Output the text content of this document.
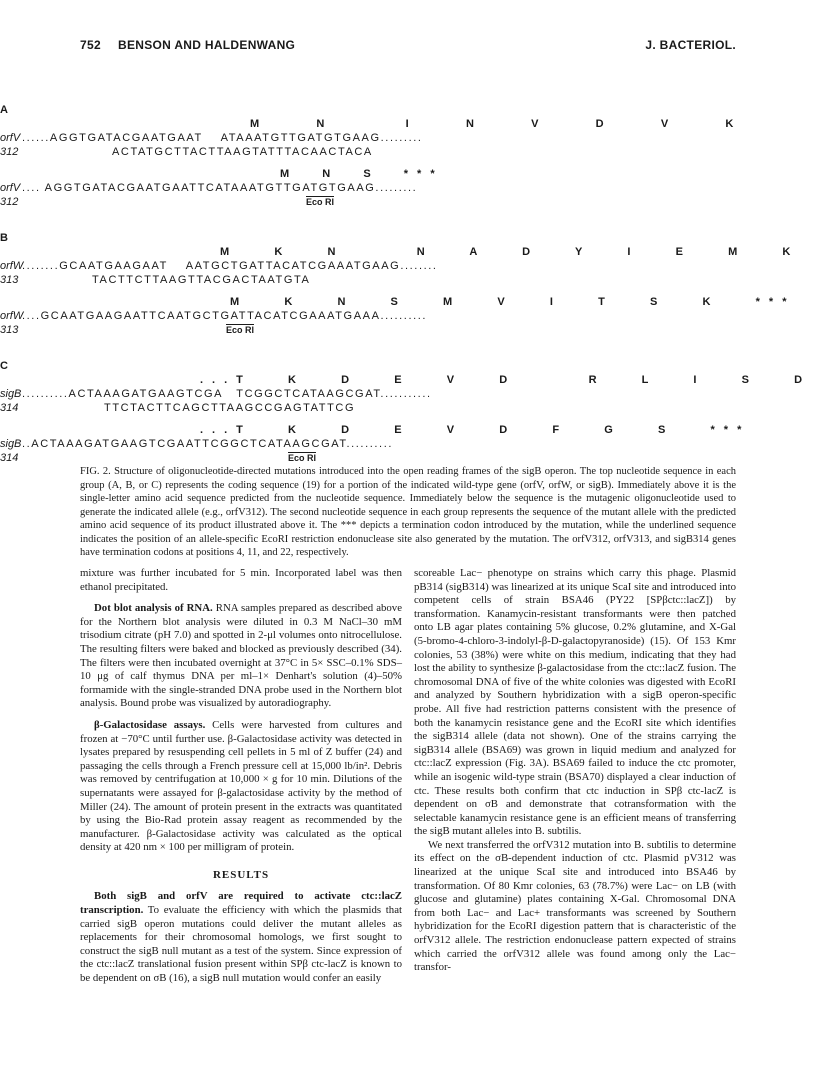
752 BENSON AND HALDENWANG	J. BACTERIOL.
A
M    N      I    N    V    D    V    K
orfV ......AGGTGATACGAATGAAT    ATAAATGTTGATGTGAAG.........
312	ACTATGCTTACTTAAGTATTTACAACTACA
M  N  S  ***
orfV .... AGGTGATACGAATGAATTCATAAATGTTGATGTGAAG.........
312	Eco RI
B
M   K   N      N   A   D   Y   I   E   M   K
orfW
........GCAATGAAGAAT    AATGCTGATTACATCGAAATGAAG........
313	TACTTCTTAAGTTACGACTAATGTA
M   K   N   S   M   V   I   T   S   K   ***
orfW
....GCAATGAAGAATTCAATGCTGATTACATCGAAATGAAA..........
313	Eco RI
C
...T   K   D   E   V   D      R   L   I   S   D
sigB ..........ACTAAAGATGAAGTCGA   TCGGCTCATAAGCGAT...........
314	TTCTACTTCAGCTTAAGCCGAGTATTCG
...T   K   D   E   V   D   F   G   S   ***
sigB ..ACTAAAGATGAAGTCGAATTCGGCTCATAAGCGAT..........
314	Eco RI
FIG. 2. Structure of oligonucleotide-directed mutations introduced into the open reading frames of the sigB operon. The top nucleotide sequence in each group (A, B, or C) represents the coding sequence (19) for a portion of the indicated wild-type gene (orfV, orfW, or sigB). Immediately above it is the single-letter amino acid sequence predicted from the nucleotide sequence. Immediately below the sequence is the mutagenic oligonucleotide used to generate the indicated allele (e.g., orfV312). The second nucleotide sequence in each group represents the sequence of the mutant allele with the predicted amino acid sequence of its product illustrated above it. The *** depicts a termination codon introduced by the mutation, while the underlined sequence indicates the position of an allele-specific EcoRI restriction endonuclease site also generated by the mutation. The orfV312, orfV313, and sigB314 genes have termination codons at positions 4, 11, and 22, respectively.

mixture was further incubated for 5 min. Incorporated label was then ethanol precipitated.

Dot blot analysis of RNA. RNA samples prepared as described above for the Northern blot analysis were diluted in 0.3 M NaCl–30 mM trisodium citrate (pH 7.0) and spotted in 2-μl volumes onto nitrocellulose. The resulting filters were baked and blocked as previously described (34). The filters were then incubated overnight at 37°C in 5× SSC–0.1% SDS–10 μg of calf thymus DNA per ml–1× Denhart's solution (4)–50% formamide with the single-stranded DNA probe used in the Northern blot analysis. Bound probe was visualized by autoradiography.

β-Galactosidase assays. Cells were harvested from cultures and frozen at −70°C until further use. β-Galactosidase activity was detected in lysates prepared by resuspending cell pellets in 5 ml of Z buffer (24) and passaging the cells through a French pressure cell at 15,000 lb/in². Debris was removed by centrifugation at 10,000 × g for 10 min. Dilutions of the supernatants were assayed for β-galactosidase activity by the method of Miller (24). The amount of protein present in the extracts was quantitated by using the Bio-Rad protein assay reagent as recommended by the manufacturer. β-Galactosidase activity was calculated as the optical density at 420 nm × 100 per milligram of protein.

RESULTS

Both sigB and orfV are required to activate ctc::lacZ transcription. To evaluate the efficiency with which the plasmids that carried sigB operon mutations could deliver the mutant alleles as replacements for their chromosomal homologs, we first sought to construct the sigB null mutant as a test of the system. Since expression of the ctc::lacZ translational fusion present within SPβ ctc-lacZ is known to be dependent on σB (16), a sigB null mutation would confer an easily

scoreable Lac− phenotype on strains which carry this phage. Plasmid pB314 (sigB314) was linearized at its unique ScaI site and introduced into competent cells of strain BSA46 (PY22 [SPβctc::lacZ]) by transformation. Kanamycin-resistant transformants were then patched onto LB agar plates containing 5% glucose, 0.2% glutamine, and X-Gal (5-bromo-4-chloro-3-indolyl-β-D-galactopyranoside) (15). Of 153 Kmr colonies, 53 (38%) were white on this medium, indicating that they had lost the ability to synthesize β-galactosidase from the ctc::lacZ fusion. The chromosomal DNA of five of the white colonies was digested with EcoRI and analyzed by Southern hybridization with a sigB operon-specific probe. All five had restriction patterns consistent with the presence of both the kanamycin resistance gene and the EcoRI site which identifies the sigB314 allele (data not shown). One of the strains carrying the sigB314 allele (BSA69) was grown in liquid medium and analyzed for ctc::lacZ expression (Fig. 3A). BSA69 failed to induce the ctc promoter, while an isogenic wild-type strain (BSA70) displayed a clear induction of ctc. These results both confirm that ctc induction in SPβ ctc-lacZ is dependent on σB and demonstrate that cotransformation with the selectable kanamycin resistance gene is an efficient means of transferring the sigB mutant alleles into B. subtilis.

We next transferred the orfV312 mutation into B. subtilis to determine its effect on the σB-dependent induction of ctc. Plasmid pV312 was linearized at the unique ScaI site and introduced into BSA46 by transformation. Of 80 Kmr colonies, 63 (78.7%) were Lac− on LB (with glucose and glutamine) plates containing X-Gal. Chromosomal DNA from both Lac− and Lac+ transformants was screened by Southern hybridization for the EcoRI digestion pattern that is characteristic of the orfV312 allele. The restriction endonuclease pattern expected of strains which carried the orfV312 allele was found among only the Lac− transfor-
